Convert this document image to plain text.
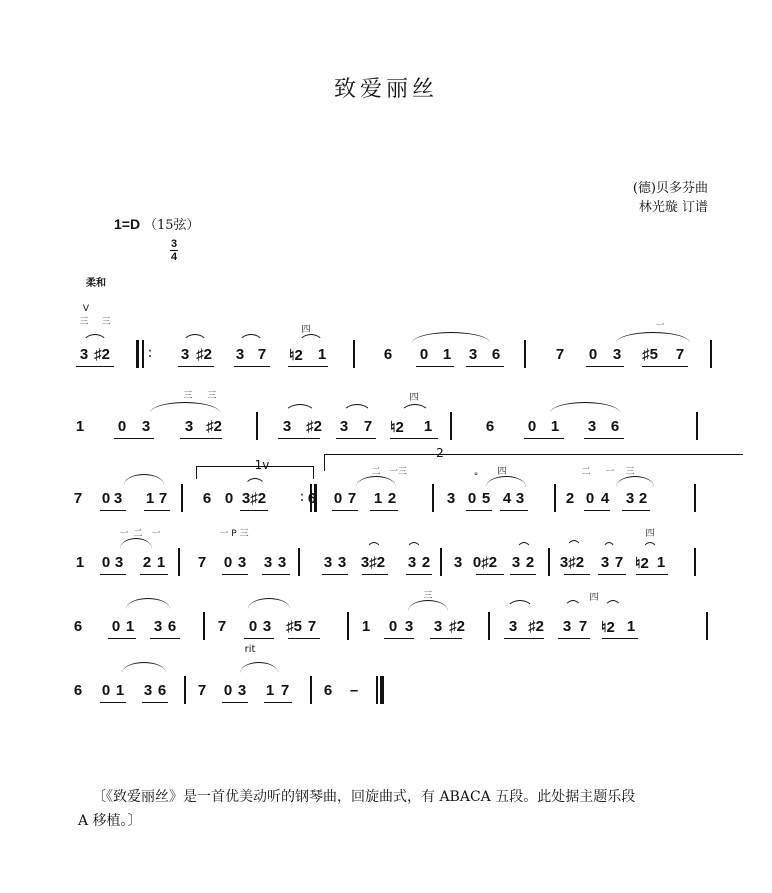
致爱丽丝
(德)贝多芬曲
林光璇 订谱
1=D （15弦）
3
4
柔和
V
三 三
:
四	一
3 ♯2	3 ♯2 3 7 ♮2 1	6 0 1 3 6	7 0 3 ♯5 7
三 三	四
1 0 3 3 ♯2	3 ♯2 3 7 ♮2 1	6 0 1 3 6
1v
:
2
二 一三	° 四	二 一 三
7 0 3 1 7 6 0 3♯2	6 0 7 1 2	3 0 5 4 3	2 0 4 3 2
一 二 一	一 P 三	四
1 0 3 2 1 7 0 3 3 3	3 3 3♯2 3 2 3 0♯2 3 2 3♯2 3 7 ♮2 1
三	四
6 0 1 3 6	7 0 3 ♯5 7	1 0 3 3 ♯2	3 ♯2 3 7 ♮2 1
rit
6 0 1 3 6 7 0 3 1 7 6 –
〔《致爱丽丝》是一首优美动听的钢琴曲，回旋曲式，有 ABACA 五段。此处据主题乐段
A 移植。〕
